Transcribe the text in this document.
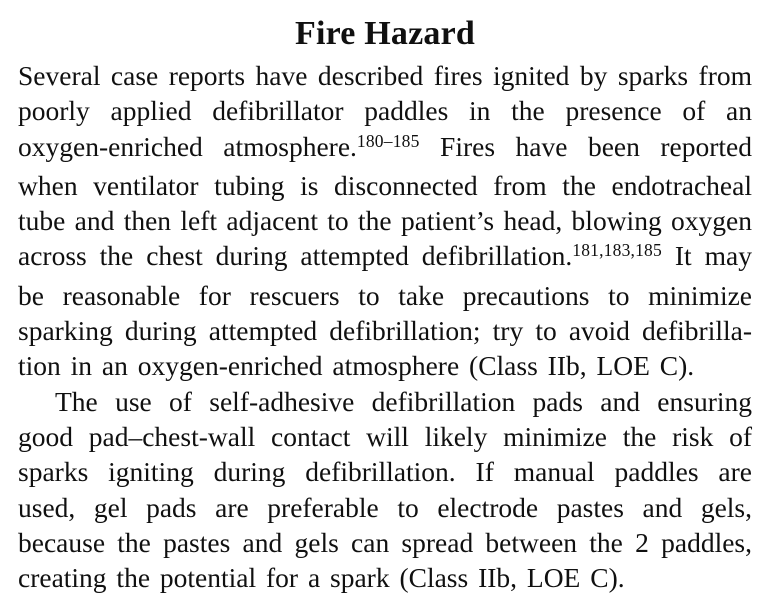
Fire Hazard
Several case reports have described fires ignited by sparks from
poorly applied defibrillator paddles in the presence of an
oxygen-enriched atmosphere.$^{180-185}$ Fires have been reported
when ventilator tubing is disconnected from the endotracheal
tube and then left adjacent to the patient’s head, blowing oxygen
across the chest during attempted defibrillation.$^{181,183,185}$ It may
be reasonable for rescuers to take precautions to minimize
sparking during attempted defibrillation; try to avoid defibrilla-
tion in an oxygen-enriched atmosphere (Class IIb, LOE C).
The use of self-adhesive defibrillation pads and ensuring
good pad–chest-wall contact will likely minimize the risk of
sparks igniting during defibrillation. If manual paddles are
used, gel pads are preferable to electrode pastes and gels,
because the pastes and gels can spread between the 2 paddles,
creating the potential for a spark (Class IIb, LOE C).
